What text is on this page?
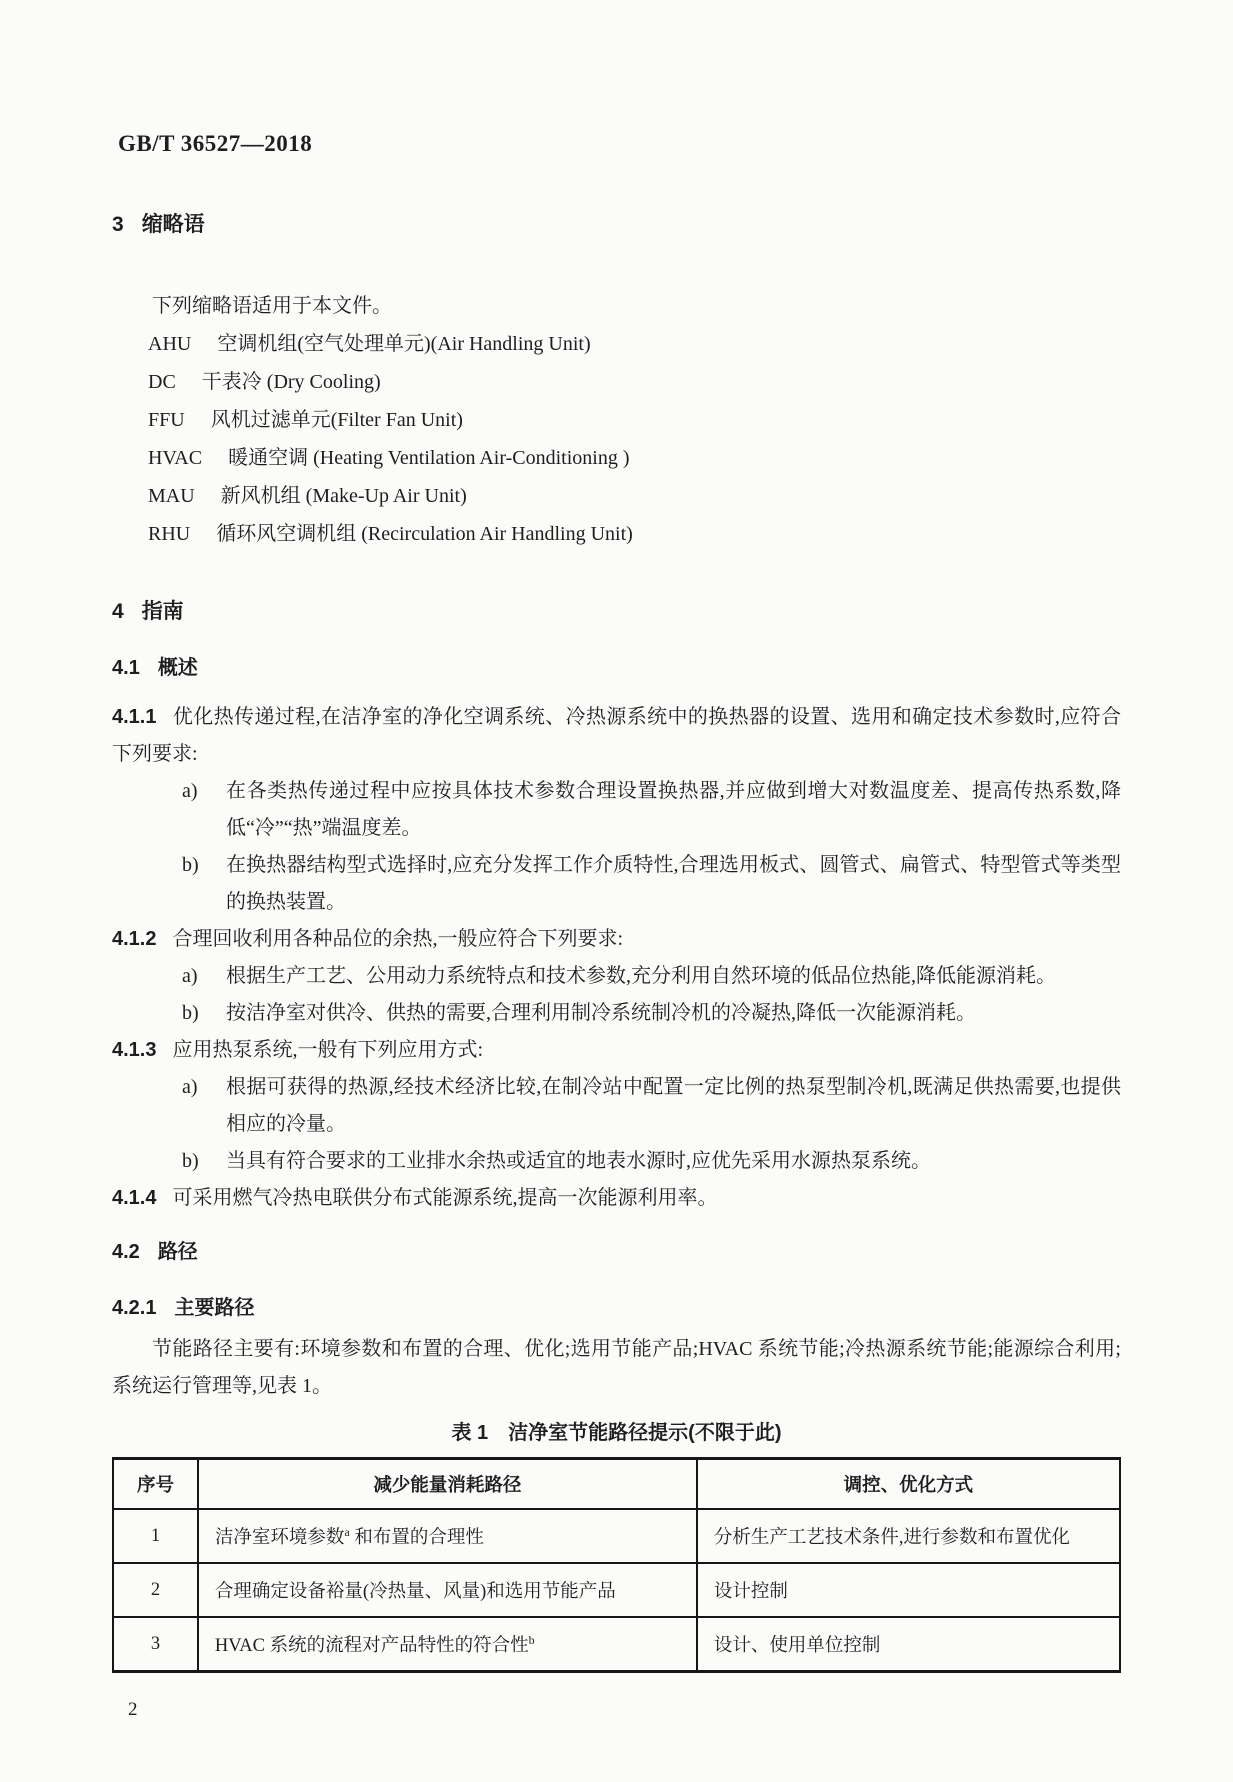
GB/T 36527—2018
3 缩略语

下列缩略语适用于本文件。

AHU 空调机组(空气处理单元)(Air Handling Unit)
DC 干表冷 (Dry Cooling)
FFU 风机过滤单元(Filter Fan Unit)
HVAC 暖通空调 (Heating Ventilation Air-Conditioning )
MAU 新风机组 (Make-Up Air Unit)
RHU 循环风空调机组 (Recirculation Air Handling Unit)
4 指南
4.1 概述

4.1.1 优化热传递过程,在洁净室的净化空调系统、冷热源系统中的换热器的设置、选用和确定技术参数时,应符合下列要求:

a)	在各类热传递过程中应按具体技术参数合理设置换热器,并应做到增大对数温度差、提高传热系数,降低“冷”“热”端温度差。
b)	在换热器结构型式选择时,应充分发挥工作介质特性,合理选用板式、圆管式、扁管式、特型管式等类型的换热装置。

4.1.2 合理回收利用各种品位的余热,一般应符合下列要求:

a)	根据生产工艺、公用动力系统特点和技术参数,充分利用自然环境的低品位热能,降低能源消耗。
b)	按洁净室对供冷、供热的需要,合理利用制冷系统制冷机的冷凝热,降低一次能源消耗。

4.1.3 应用热泵系统,一般有下列应用方式:

a)	根据可获得的热源,经技术经济比较,在制冷站中配置一定比例的热泵型制冷机,既满足供热需要,也提供相应的冷量。
b)	当具有符合要求的工业排水余热或适宜的地表水源时,应优先采用水源热泵系统。

4.1.4 可采用燃气冷热电联供分布式能源系统,提高一次能源利用率。

4.2 路径
4.2.1 主要路径

节能路径主要有:环境参数和布置的合理、优化;选用节能产品;HVAC 系统节能;冷热源系统节能;能源综合利用;系统运行管理等,见表 1。

表 1　洁净室节能路径提示(不限于此)
序号	减少能量消耗路径	调控、优化方式
1	洁净室环境参数$^a$ 和布置的合理性	分析生产工艺技术条件,进行参数和布置优化
2	合理确定设备裕量(冷热量、风量)和选用节能产品	设计控制
3	HVAC 系统的流程对产品特性的符合性$^b$	设计、使用单位控制
2
